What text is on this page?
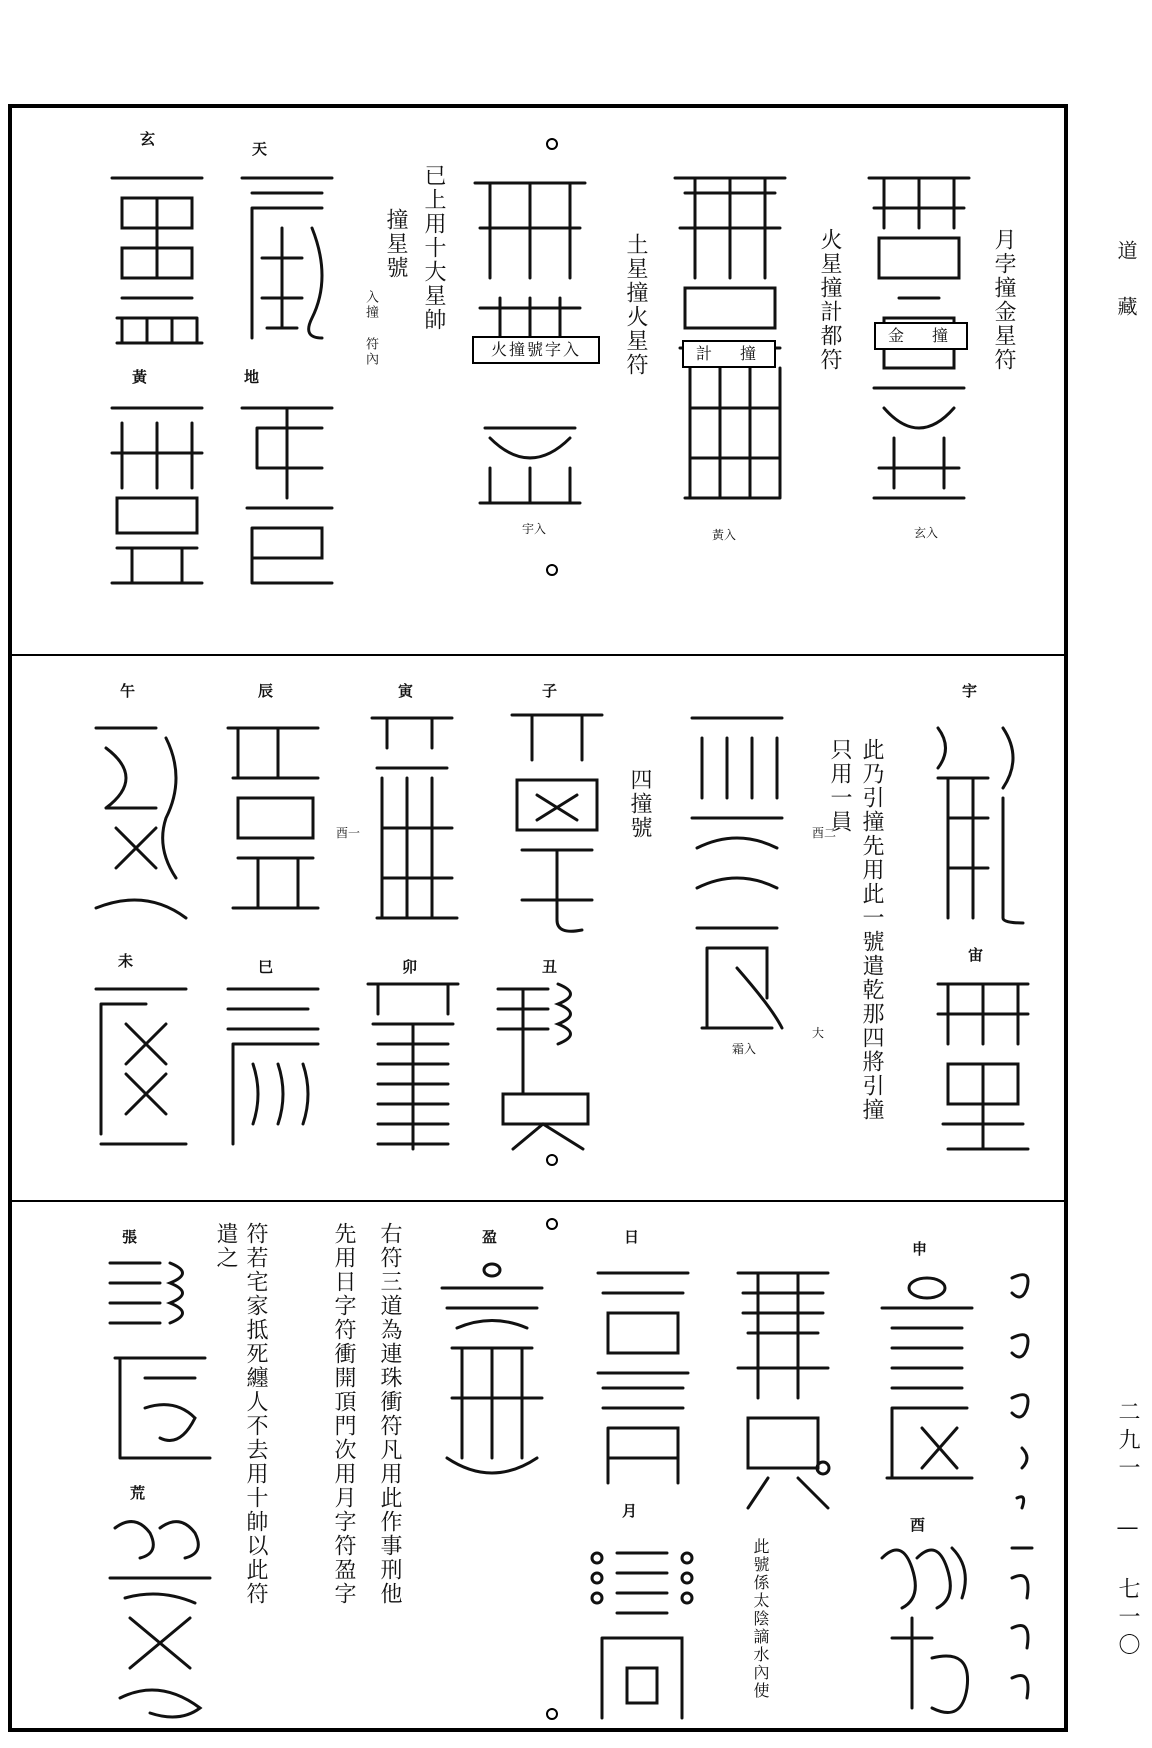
道 藏
二九一 — 七一〇
月孛撞金星符
火星撞計都符
土星撞火星符
已上用十大星帥
撞星號
入撞 符內
玄
天
黃	地
玄入
黃入
宇入
金　撞
計　撞
火撞號字入
此乃引撞先用此一號遣乾那四將引撞
只用一員
四撞號
宇
宙
子
寅
辰
午
丑
卯
巳
未
大
霜入
酉二
酉一
右符三道為連珠衝符凡用此作事刑他
先用日字符衝開頂門次用月字符盈字
符若宅家抵死纏人不去用十帥以此符
遣之
此號係太陰謫水內使
張
荒
盈	日
月
申
酉
